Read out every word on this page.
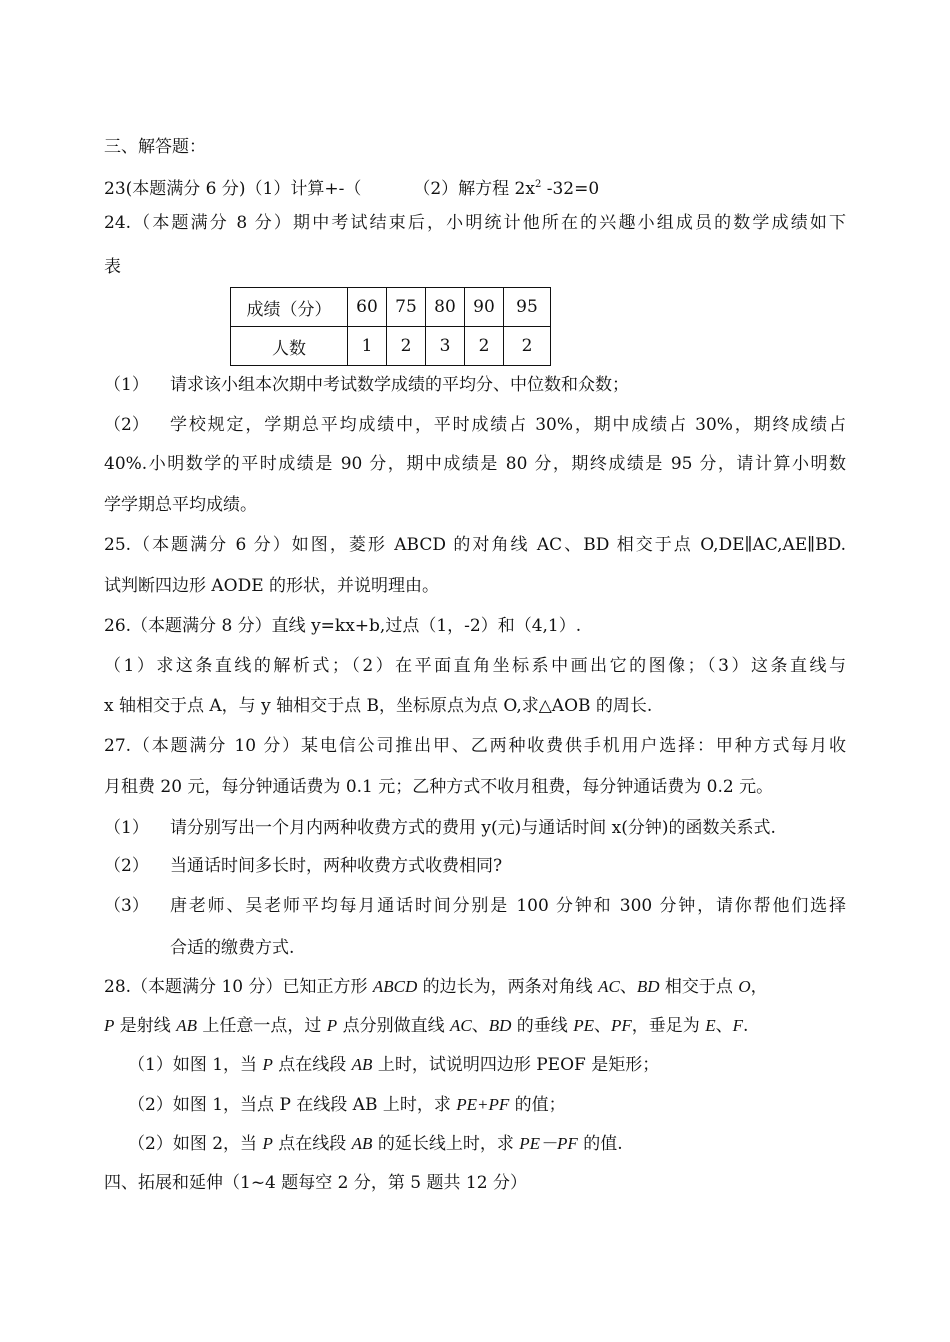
三、解答题：
23(本题满分 6 分)（1）计算+-（	（2）解方程 $2x^2$ -32=0
24.（本题满分 8 分）期中考试结束后，小明统计他所在的兴趣小组成员的数学成绩如下
表
成绩（分）	60	75	80	90	95
人数	1	2	3	2	2
（1） 请求该小组本次期中考试数学成绩的平均分、中位数和众数；
（2） 学校规定，学期总平均成绩中，平时成绩占 30%，期中成绩占 30%，期终成绩占
40%.小明数学的平时成绩是 90 分，期中成绩是 80 分，期终成绩是 95 分，请计算小明数
学学期总平均成绩。
25.（本题满分 6 分）如图，菱形 ABCD 的对角线 AC、BD 相交于点 O,DE∥AC,AE∥BD.
试判断四边形 AODE 的形状，并说明理由。
26.（本题满分 8 分）直线 y=kx+b,过点（1，-2）和（4,1）.
（1）求这条直线的解析式；（2）在平面直角坐标系中画出它的图像；（3）这条直线与
x 轴相交于点 A，与 y 轴相交于点 B，坐标原点为点 O,求△AOB 的周长.
27.（本题满分 10 分）某电信公司推出甲、乙两种收费供手机用户选择：甲种方式每月收
月租费 20 元，每分钟通话费为 0.1 元；乙种方式不收月租费，每分钟通话费为 0.2 元。
（1） 请分别写出一个月内两种收费方式的费用 y(元)与通话时间 x(分钟)的函数关系式.
（2） 当通话时间多长时，两种收费方式收费相同?
（3） 唐老师、吴老师平均每月通话时间分别是 100 分钟和 300 分钟，请你帮他们选择
合适的缴费方式.
28.（本题满分 10 分）已知正方形 ABCD 的边长为，两条对角线 AC、BD 相交于点 O，
P 是射线 AB 上任意一点，过 P 点分别做直线 AC、BD 的垂线 PE、PF，垂足为 E、F.
（1）如图 1，当 P 点在线段 AB 上时，试说明四边形 PEOF 是矩形；
（2）如图 1，当点 P 在线段 AB 上时，求 PE+PF 的值；
（2）如图 2，当 P 点在线段 AB 的延长线上时，求 PE－PF 的值.
四、拓展和延伸（1~4 题每空 2 分，第 5 题共 12 分）
